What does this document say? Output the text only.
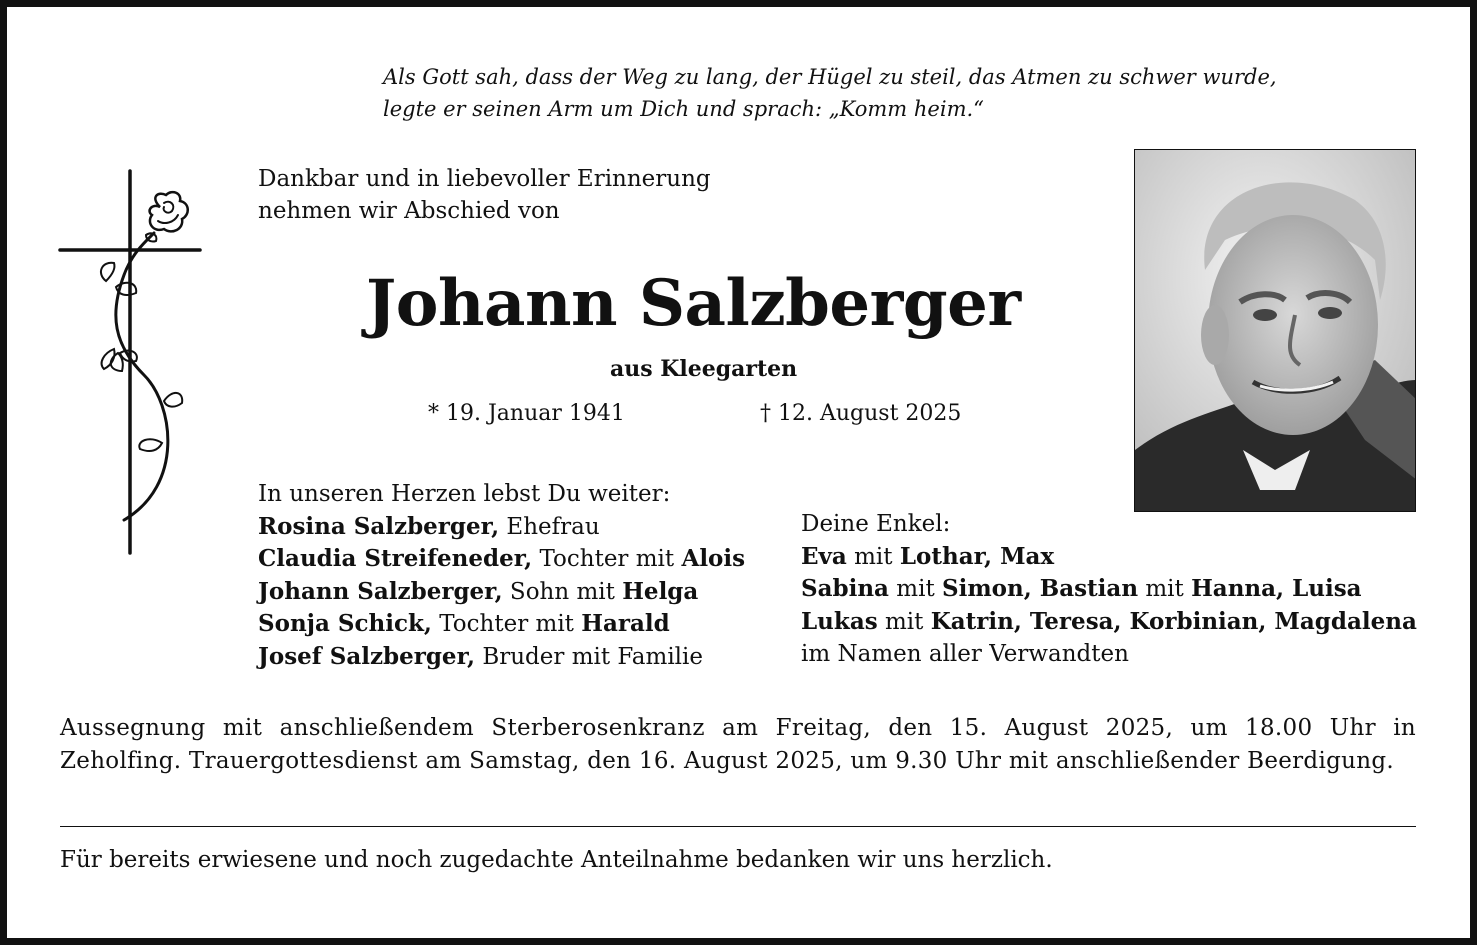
Als Gott sah, dass der Weg zu lang, der Hügel zu steil, das Atmen zu schwer wurde,
legte er seinen Arm um Dich und sprach: „Komm heim.“
Dankbar und in liebevoller Erinnerung
nehmen wir Abschied von
Johann Salzberger
aus Kleegarten
* 19. Januar 1941	† 12. August 2025
In unseren Herzen lebst Du weiter:
Rosina Salzberger, Ehefrau
Claudia Streifeneder, Tochter mit Alois
Johann Salzberger, Sohn mit Helga
Sonja Schick, Tochter mit Harald
Josef Salzberger, Bruder mit Familie
Deine Enkel:
Eva mit Lothar, Max
Sabina mit Simon, Bastian mit Hanna, Luisa
Lukas mit Katrin, Teresa, Korbinian, Magdalena
im Namen aller Verwandten
Aussegnung mit anschließendem Sterberosenkranz am Freitag, den 15. August 2025, um 18.00 Uhr in Zeholfing. Trauergottesdienst am Samstag, den 16. August 2025, um 9.30 Uhr mit anschließender Beerdigung.
Für bereits erwiesene und noch zugedachte Anteilnahme bedanken wir uns herzlich.
